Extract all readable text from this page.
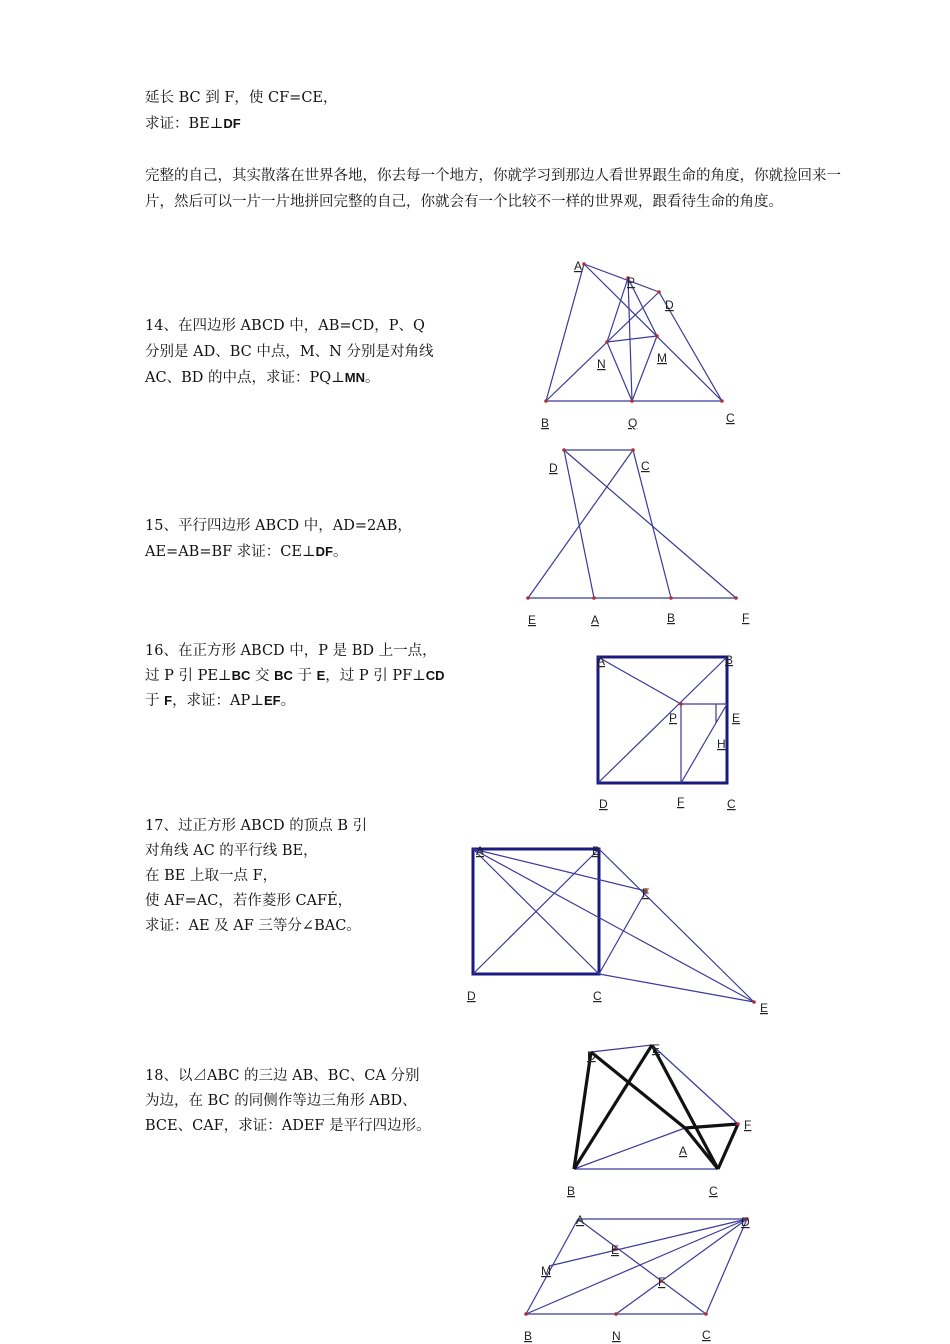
延长 BC 到 F，使 CF=CE，
求证：BE⊥DF
完整的自己，其实散落在世界各地，你去每一个地方，你就学习到那边人看世界跟生命的角度，你就捡回来一片，然后可以一片一片地拼回完整的自己，你就会有一个比较不一样的世界观，跟看待生命的角度。
14、在四边形 ABCD 中，AB=CD，P、Q
分别是 AD、BC 中点，M、N 分别是对角线
AC、BD 的中点，求证：PQ⊥MN。
15、平行四边形 ABCD 中，AD=2AB，
AE=AB=BF 求证：CE⊥DF。
16、在正方形 ABCD 中，P 是 BD 上一点，
过 P 引 PE⊥BC 交 BC 于 E，过 P 引 PF⊥CD
于 F，求证：AP⊥EF。
17、过正方形 ABCD 的顶点 B 引
对角线 AC 的平行线 BE，
在 BE 上取一点 F，
使 AF=AC，若作菱形 CAFÉ，
求证：AE 及 AF 三等分∠BAC。
18、以⊿ABC 的三边 AB、BC、CA 分别
为边，在 BC 的同侧作等边三角形 ABD、
BCE、CAF，求证：ADEF 是平行四边形。
A
P
D
N	M
B	Q	C
D	C
E	A	B	F
A	B
P	E
H
D	F	C
A	B
F
D	C
E
D	E
F
A
B	C
A	D
E
M
F
B	N	C
